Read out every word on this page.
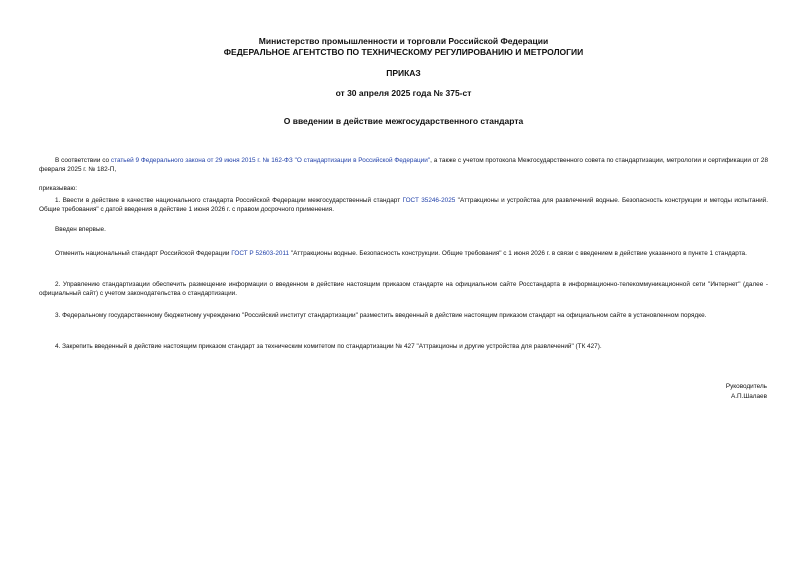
Министерство промышленности и торговли Российской Федерации
ФЕДЕРАЛЬНОЕ АГЕНТСТВО ПО ТЕХНИЧЕСКОМУ РЕГУЛИРОВАНИЮ И МЕТРОЛОГИИ
ПРИКАЗ
от 30 апреля 2025 года № 375-ст
О введении в действие межгосударственного стандарта
В соответствии со статьей 9 Федерального закона от 29 июня 2015 г. № 162-ФЗ "О стандартизации в Российской Федерации", а также с учетом протокола Межгосударственного совета по стандартизации, метрологии и сертификации от 28 февраля 2025 г. № 182-П,
приказываю:
1. Ввести в действие в качестве национального стандарта Российской Федерации межгосударственный стандарт ГОСТ 35246-2025 "Аттракционы и устройства для развлечений водные. Безопасность конструкции и методы испытаний. Общие требования" с датой введения в действие 1 июня 2026 г. с правом досрочного применения.
Введен впервые.
Отменить национальный стандарт Российской Федерации ГОСТ Р 52603-2011 "Аттракционы водные. Безопасность конструкции. Общие требования" с 1 июня 2026 г. в связи с введением в действие указанного в пункте 1 стандарта.
2. Управлению стандартизации обеспечить размещение информации о введенном в действие настоящим приказом стандарте на официальном сайте Росстандарта в информационно-телекоммуникационной сети "Интернет" (далее - официальный сайт) с учетом законодательства о стандартизации.
3. Федеральному государственному бюджетному учреждению "Российский институт стандартизации" разместить введенный в действие настоящим приказом стандарт на официальном сайте в установленном порядке.
4. Закрепить введенный в действие настоящим приказом стандарт за техническим комитетом по стандартизации № 427 "Аттракционы и другие устройства для развлечений" (ТК 427).
Руководитель
А.П.Шалаев
